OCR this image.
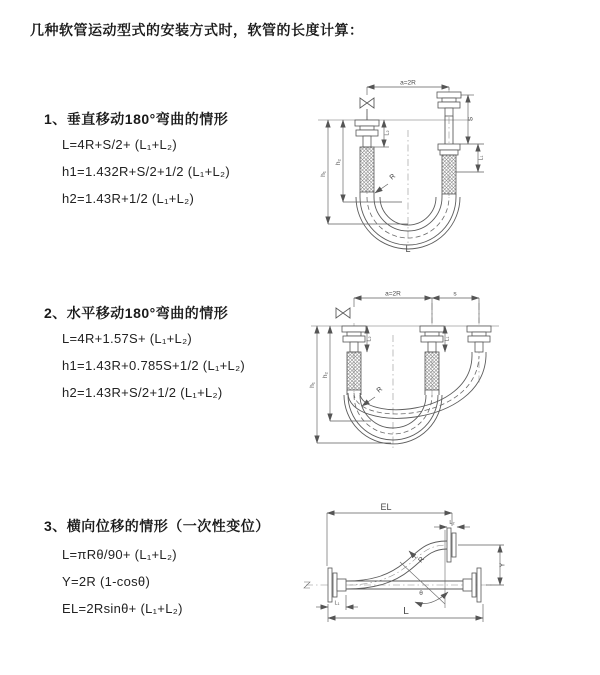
几种软管运动型式的安装方式时，软管的长度计算：
1、垂直移动180°弯曲的情形
L=4R+S/2+ (L₁+L₂)
h1=1.432R+S/2+1/2 (L₁+L₂)
h2=1.43R+1/2 (L₁+L₂)
2、水平移动180°弯曲的情形
L=4R+1.57S+ (L₁+L₂)
h1=1.43R+0.785S+1/2 (L₁+L₂)
h2=1.43R+S/2+1/2 (L₁+L₂)
3、横向位移的情形（一次性变位）
L=πRθ/90+ (L₁+L₂)
Y=2R (1-cosθ)
EL=2Rsinθ+ (L₁+L₂)
a=2R
S
L₁
L₂
h₂
h₁	R
L
a=2R	s
L₂	L₁
h₂
h₁
R
EL
L₂
Y
θ
R
L
L₁
